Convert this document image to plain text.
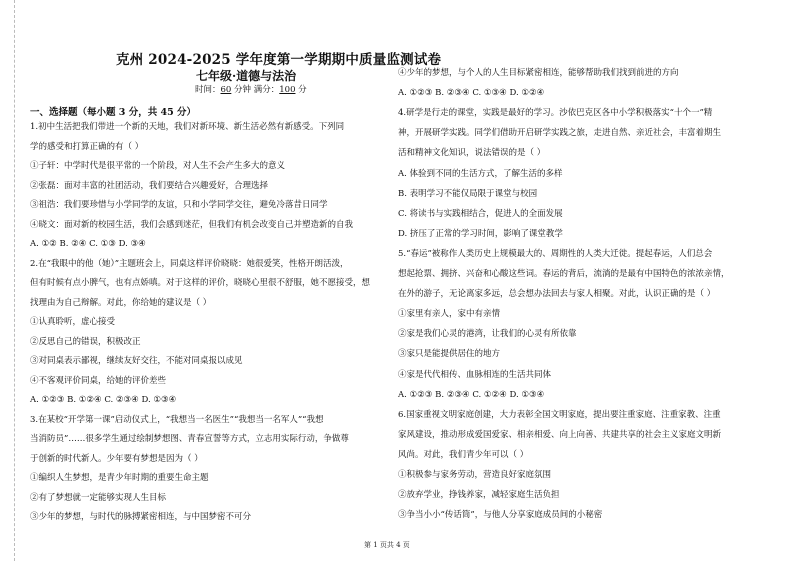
克州 2024-2025 学年度第一学期期中质量监测试卷
七年级·道德与法治
时间：60 分钟 满分：100 分
一、选择题（每小题 3 分，共 45 分）
1.初中生活把我们带进一个新的天地，我们对新环境、新生活必然有新感受。下列同
学的感受和打算正确的有（ ）
①子轩：中学时代是很平常的一个阶段，对人生不会产生多大的意义
②张磊：面对丰富的社团活动，我们要结合兴趣爱好，合理选择
③祖浩：我们要珍惜与小学同学的友谊，只和小学同学交往，避免冷落昔日同学
④晓文：面对新的校园生活，我们会感到迷茫，但我们有机会改变自己并塑造新的自我
A. ①② B. ②④ C. ①③ D. ③④
2.在“我眼中的他（她）”主题班会上，同桌这样评价晓晓：她很爱笑，性格开朗活泼，
但有时候有点小脾气，也有点娇嗔。对于这样的评价，晓晓心里很不舒服，她不愿接受，想
找理由为自己辩解。对此，你给她的建议是（ ）
①认真聆听，虚心接受
②反思自己的错误，积极改正
③对同桌表示鄙视，继续友好交往，不能对同桌报以成见
④不客观评价同桌，给她的评价差些
A. ①②③ B. ①②④ C. ②③④ D. ①③④
3.在某校“开学第一课”启动仪式上，“我想当一名医生”“我想当一名军人”“我想
当消防员”……很多学生通过绘制梦想图、青春宣誓等方式，立志用实际行动，争做尊
于创新的时代新人。少年要有梦想是因为（ ）
①编织人生梦想，是青少年时期的重要生命主题
②有了梦想就一定能够实现人生目标
③少年的梦想，与时代的脉搏紧密相连，与中国梦密不可分
④少年的梦想，与个人的人生目标紧密相连，能够帮助我们找到前进的方向
A. ①②③ B. ②③④ C. ①③④ D. ①②④
4.研学是行走的课堂，实践是最好的学习。沙依巴克区各中小学积极落实“十个一”精
神，开展研学实践。同学们借助开启研学实践之旅，走进自然、亲近社会，丰富着期生
活和精神文化知识，说法错误的是（ ）
A. 体验到不同的生活方式，了解生活的多样
B. 表明学习不能仅局限于课堂与校园
C. 将读书与实践相结合，促进人的全面发展
D. 挤压了正常的学习时间，影响了课堂教学
5.“春运”被称作人类历史上规模最大的、周期性的人类大迁徙。提起春运，人们总会
想起抢票、拥挤、兴奋和心酸这些词。春运的背后，流淌的是最有中国特色的浓浓亲情，
在外的游子，无论离家多远，总会想办法回去与家人相聚。对此，认识正确的是（ ）
①家里有亲人，家中有亲情
②家是我们心灵的港湾，让我们的心灵有所依靠
③家只是能提供居住的地方
④家是代代相传、血脉相连的生活共同体
A. ①②③ B. ②③④ C. ①②④ D. ①③④
6.国家重视文明家庭创建，大力表彰全国文明家庭，提出要注重家庭、注重家教、注重
家风建设，推动形成爱国爱家、相亲相爱、向上向善、共建共享的社会主义家庭文明新
风尚。对此，我们青少年可以（ ）
①积极参与家务劳动，营造良好家庭氛围
②放弃学业，挣钱养家，减轻家庭生活负担
③争当小小“传话筒”，与他人分享家庭成员间的小秘密
第 1 页共 4 页
